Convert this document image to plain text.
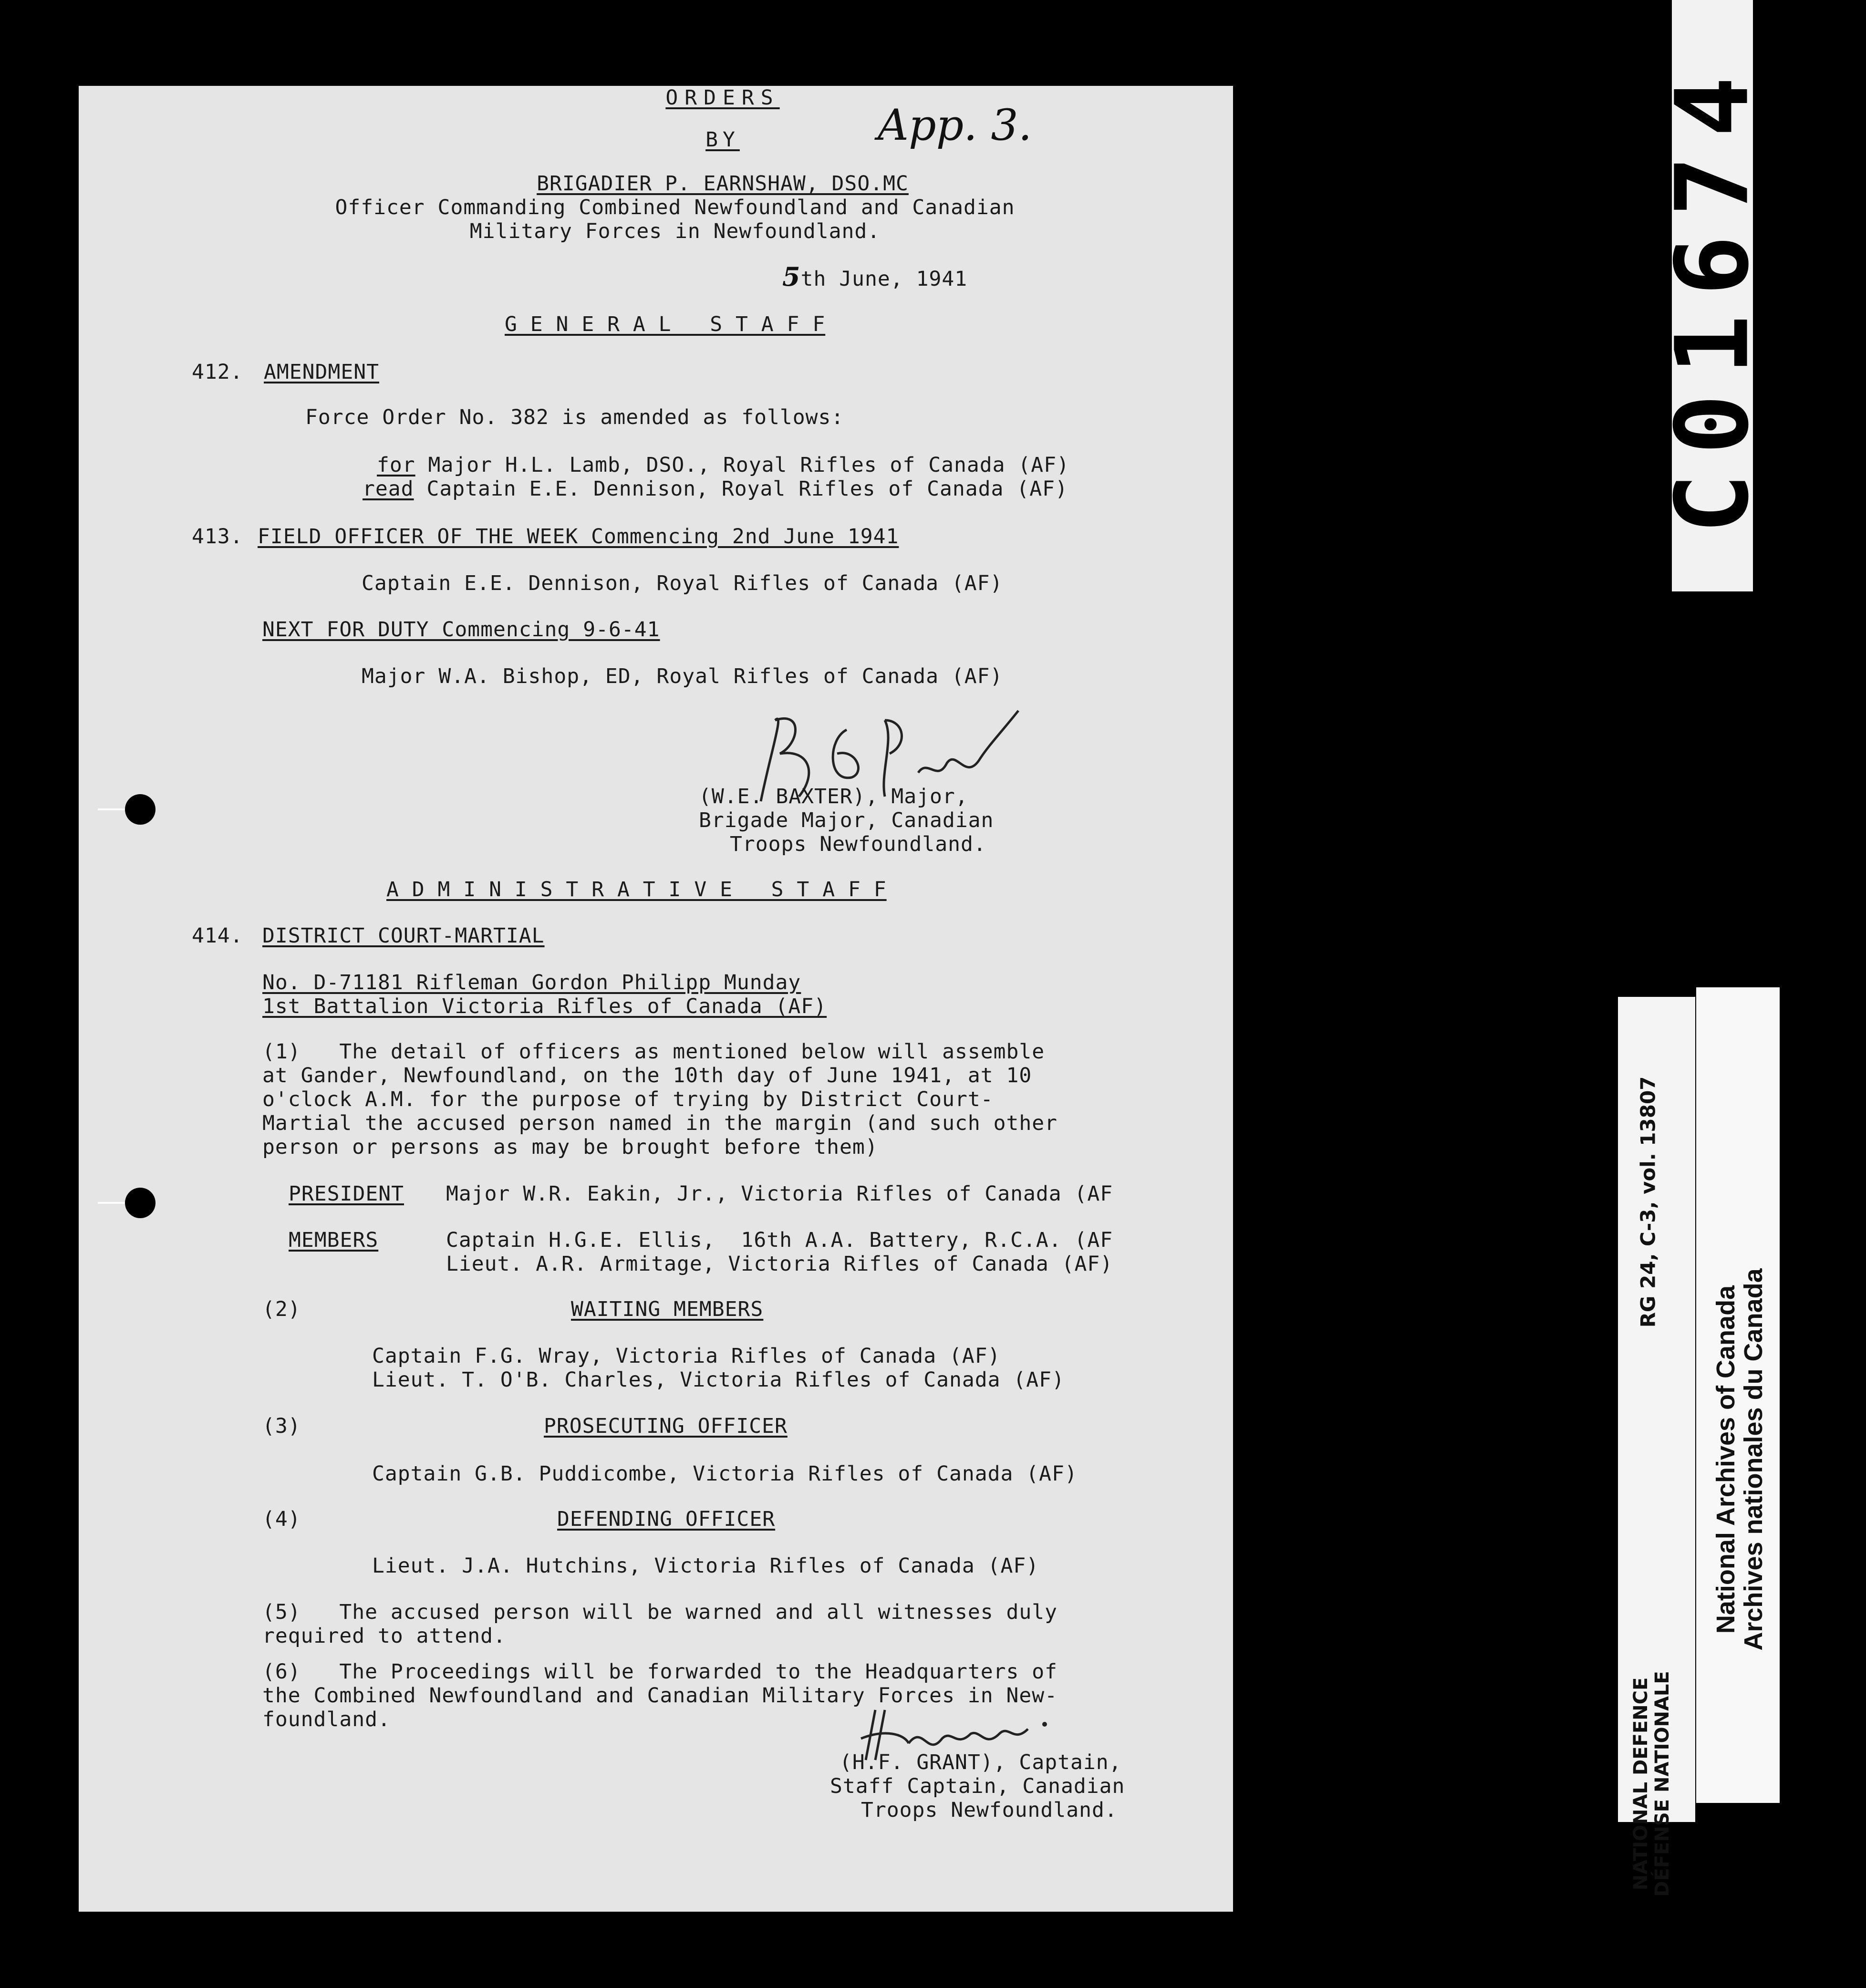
ORDERS
BY	App. 3.
BRIGADIER P. EARNSHAW, DSO.MC
Officer Commanding Combined Newfoundland and Canadian
Military Forces in Newfoundland.
5th June, 1941
G E N E R A L   S T A F F
412. AMENDMENT
Force Order No. 382 is amended as follows:
for Major H.L. Lamb, DSO., Royal Rifles of Canada (AF)
read Captain E.E. Dennison, Royal Rifles of Canada (AF)
413. FIELD OFFICER OF THE WEEK Commencing 2nd June 1941
Captain E.E. Dennison, Royal Rifles of Canada (AF)
NEXT FOR DUTY Commencing 9-6-41
Major W.A. Bishop, ED, Royal Rifles of Canada (AF)
(W.E. BAXTER), Major,
Brigade Major, Canadian
Troops Newfoundland.
A D M I N I S T R A T I V E   S T A F F
414. DISTRICT COURT-MARTIAL
No. D-71181 Rifleman Gordon Philipp Munday
1st Battalion Victoria Rifles of Canada (AF)
(1)   The detail of officers as mentioned below will assemble
at Gander, Newfoundland, on the 10th day of June 1941, at 10
o'clock A.M. for the purpose of trying by District Court-
Martial the accused person named in the margin (and such other
person or persons as may be brought before them)
PRESIDENT Major W.R. Eakin, Jr., Victoria Rifles of Canada (AF
MEMBERS	Captain H.G.E. Ellis,  16th A.A. Battery, R.C.A. (AF
Lieut. A.R. Armitage, Victoria Rifles of Canada (AF)
(2)	WAITING MEMBERS
Captain F.G. Wray, Victoria Rifles of Canada (AF)
Lieut. T. O'B. Charles, Victoria Rifles of Canada (AF)
(3)	PROSECUTING OFFICER
Captain G.B. Puddicombe, Victoria Rifles of Canada (AF)
(4)	DEFENDING OFFICER
Lieut. J.A. Hutchins, Victoria Rifles of Canada (AF)
(5)   The accused person will be warned and all witnesses duly
required to attend.
(6)   The Proceedings will be forwarded to the Headquarters of
the Combined Newfoundland and Canadian Military Forces in New-
foundland.
(H.F. GRANT), Captain,
Staff Captain, Canadian
Troops Newfoundland.
C01674
RG 24, C-3, vol. 13807
NATIONAL DEFENCE DÉFENSE NATIONALE
National Archives of Canada
Archives nationales du Canada
